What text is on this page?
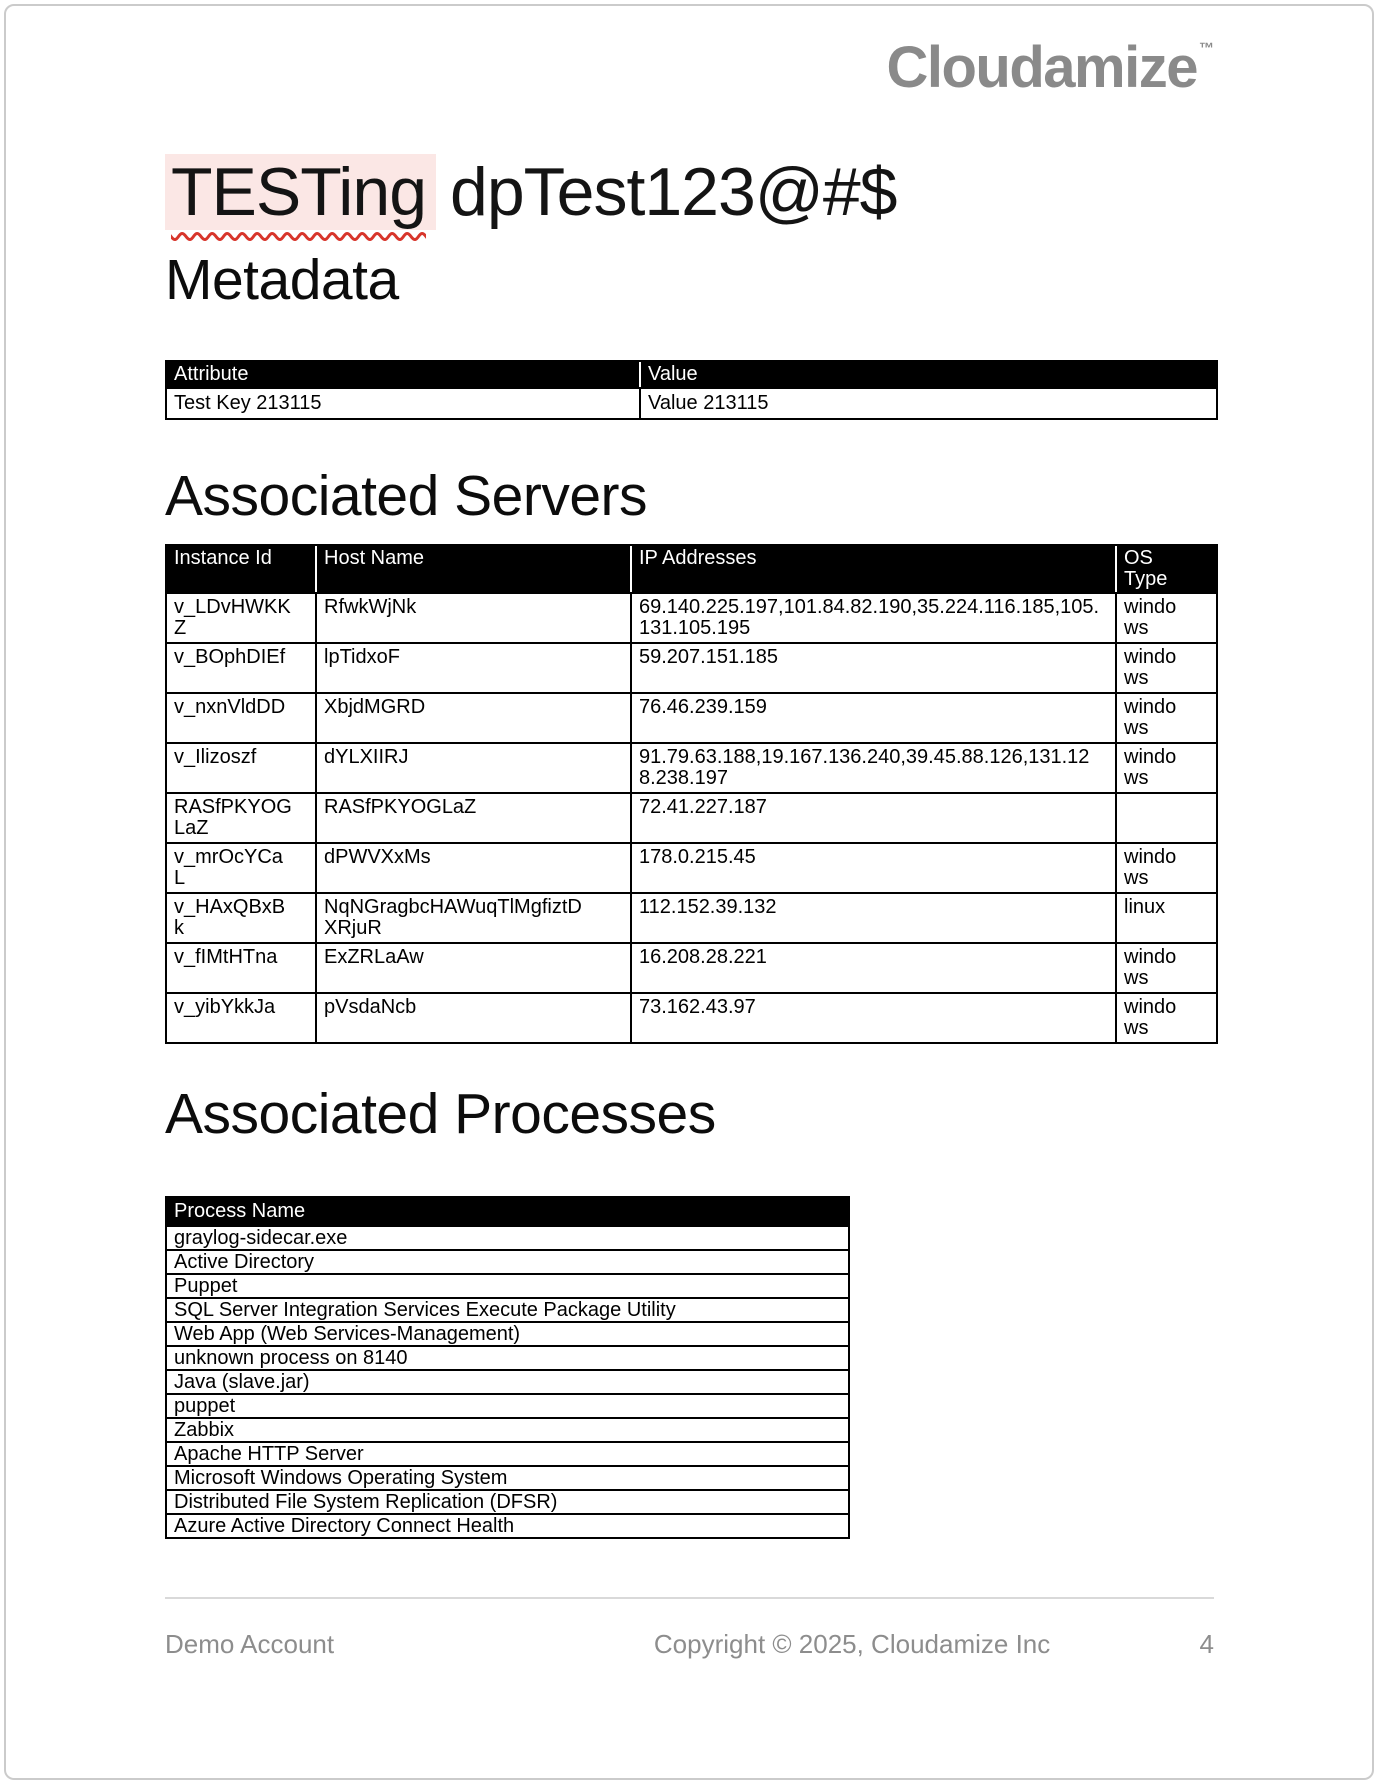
Cloudamize ™
TESTing dpTest123@#$
Metadata
Attribute	Value
Test Key 213115	Value 213115
Associated Servers
Instance Id	Host Name	IP Addresses	OS Type
v_LDvHWKKZ	RfwkWjNk	69.140.225.197,101.84.82.190,35.224.116.185,105.131.105.195	windows
v_BOphDIEf	lpTidxoF	59.207.151.185	windows
v_nxnVldDD	XbjdMGRD	76.46.239.159	windows
v_Ilizoszf	dYLXIIRJ	91.79.63.188,19.167.136.240,39.45.88.126,131.128.238.197	windows
RASfPKYOGLaZ	RASfPKYOGLaZ	72.41.227.187	
v_mrOcYCaL	dPWVXxMs	178.0.215.45	windows
v_HAxQBxBk	NqNGragbcHAWuqTlMgfiztDXRjuR	112.152.39.132	linux
v_fIMtHTna	ExZRLaAw	16.208.28.221	windows
v_yibYkkJa	pVsdaNcb	73.162.43.97	windows
Associated Processes
Process Name
graylog-sidecar.exe
Active Directory
Puppet
SQL Server Integration Services Execute Package Utility
Web App (Web Services-Management)
unknown process on 8140
Java (slave.jar)
puppet
Zabbix
Apache HTTP Server
Microsoft Windows Operating System
Distributed File System Replication (DFSR)
Azure Active Directory Connect Health
Demo Account	Copyright © 2025, Cloudamize Inc	4
